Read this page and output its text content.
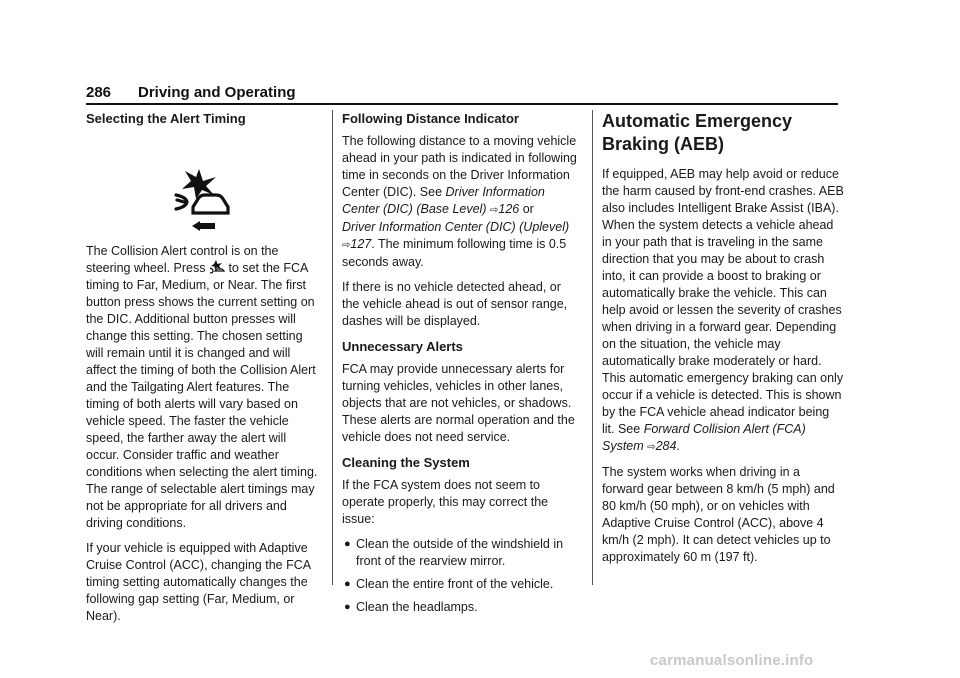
286 Driving and Operating
Selecting the Alert Timing

The Collision Alert control is on the steering wheel. Press  to set the FCA timing to Far, Medium, or Near. The first button press shows the current setting on the DIC. Additional button presses will change this setting. The chosen setting will remain until it is changed and will affect the timing of both the Collision Alert and the Tailgating Alert features. The timing of both alerts will vary based on vehicle speed. The faster the vehicle speed, the farther away the alert will occur. Consider traffic and weather conditions when selecting the alert timing. The range of selectable alert timings may not be appropriate for all drivers and driving conditions.

If your vehicle is equipped with Adaptive Cruise Control (ACC), changing the FCA timing setting automatically changes the following gap setting (Far, Medium, or Near).

Following Distance Indicator

The following distance to a moving vehicle ahead in your path is indicated in following time in seconds on the Driver Information Center (DIC). See Driver Information Center (DIC) (Base Level) ⇨126 or
Driver Information Center (DIC) (Uplevel)
⇨127. The minimum following time is 0.5 seconds away.

If there is no vehicle detected ahead, or the vehicle ahead is out of sensor range, dashes will be displayed.

Unnecessary Alerts

FCA may provide unnecessary alerts for turning vehicles, vehicles in other lanes, objects that are not vehicles, or shadows. These alerts are normal operation and the vehicle does not need service.

Cleaning the System

If the FCA system does not seem to operate properly, this may correct the issue:

● Clean the outside of the windshield in front of the rearview mirror.
● Clean the entire front of the vehicle.
● Clean the headlamps.
Automatic Emergency Braking (AEB)

If equipped, AEB may help avoid or reduce the harm caused by front-end crashes. AEB also includes Intelligent Brake Assist (IBA). When the system detects a vehicle ahead in your path that is traveling in the same direction that you may be about to crash into, it can provide a boost to braking or automatically brake the vehicle. This can help avoid or lessen the severity of crashes when driving in a forward gear. Depending on the situation, the vehicle may automatically brake moderately or hard. This automatic emergency braking can only occur if a vehicle is detected. This is shown by the FCA vehicle ahead indicator being lit. See Forward Collision Alert (FCA) System ⇨284.

The system works when driving in a forward gear between 8 km/h (5 mph) and 80 km/h (50 mph), or on vehicles with Adaptive Cruise Control (ACC), above 4 km/h (2 mph). It can detect vehicles up to approximately 60 m (197 ft).

carmanualsonline.info
